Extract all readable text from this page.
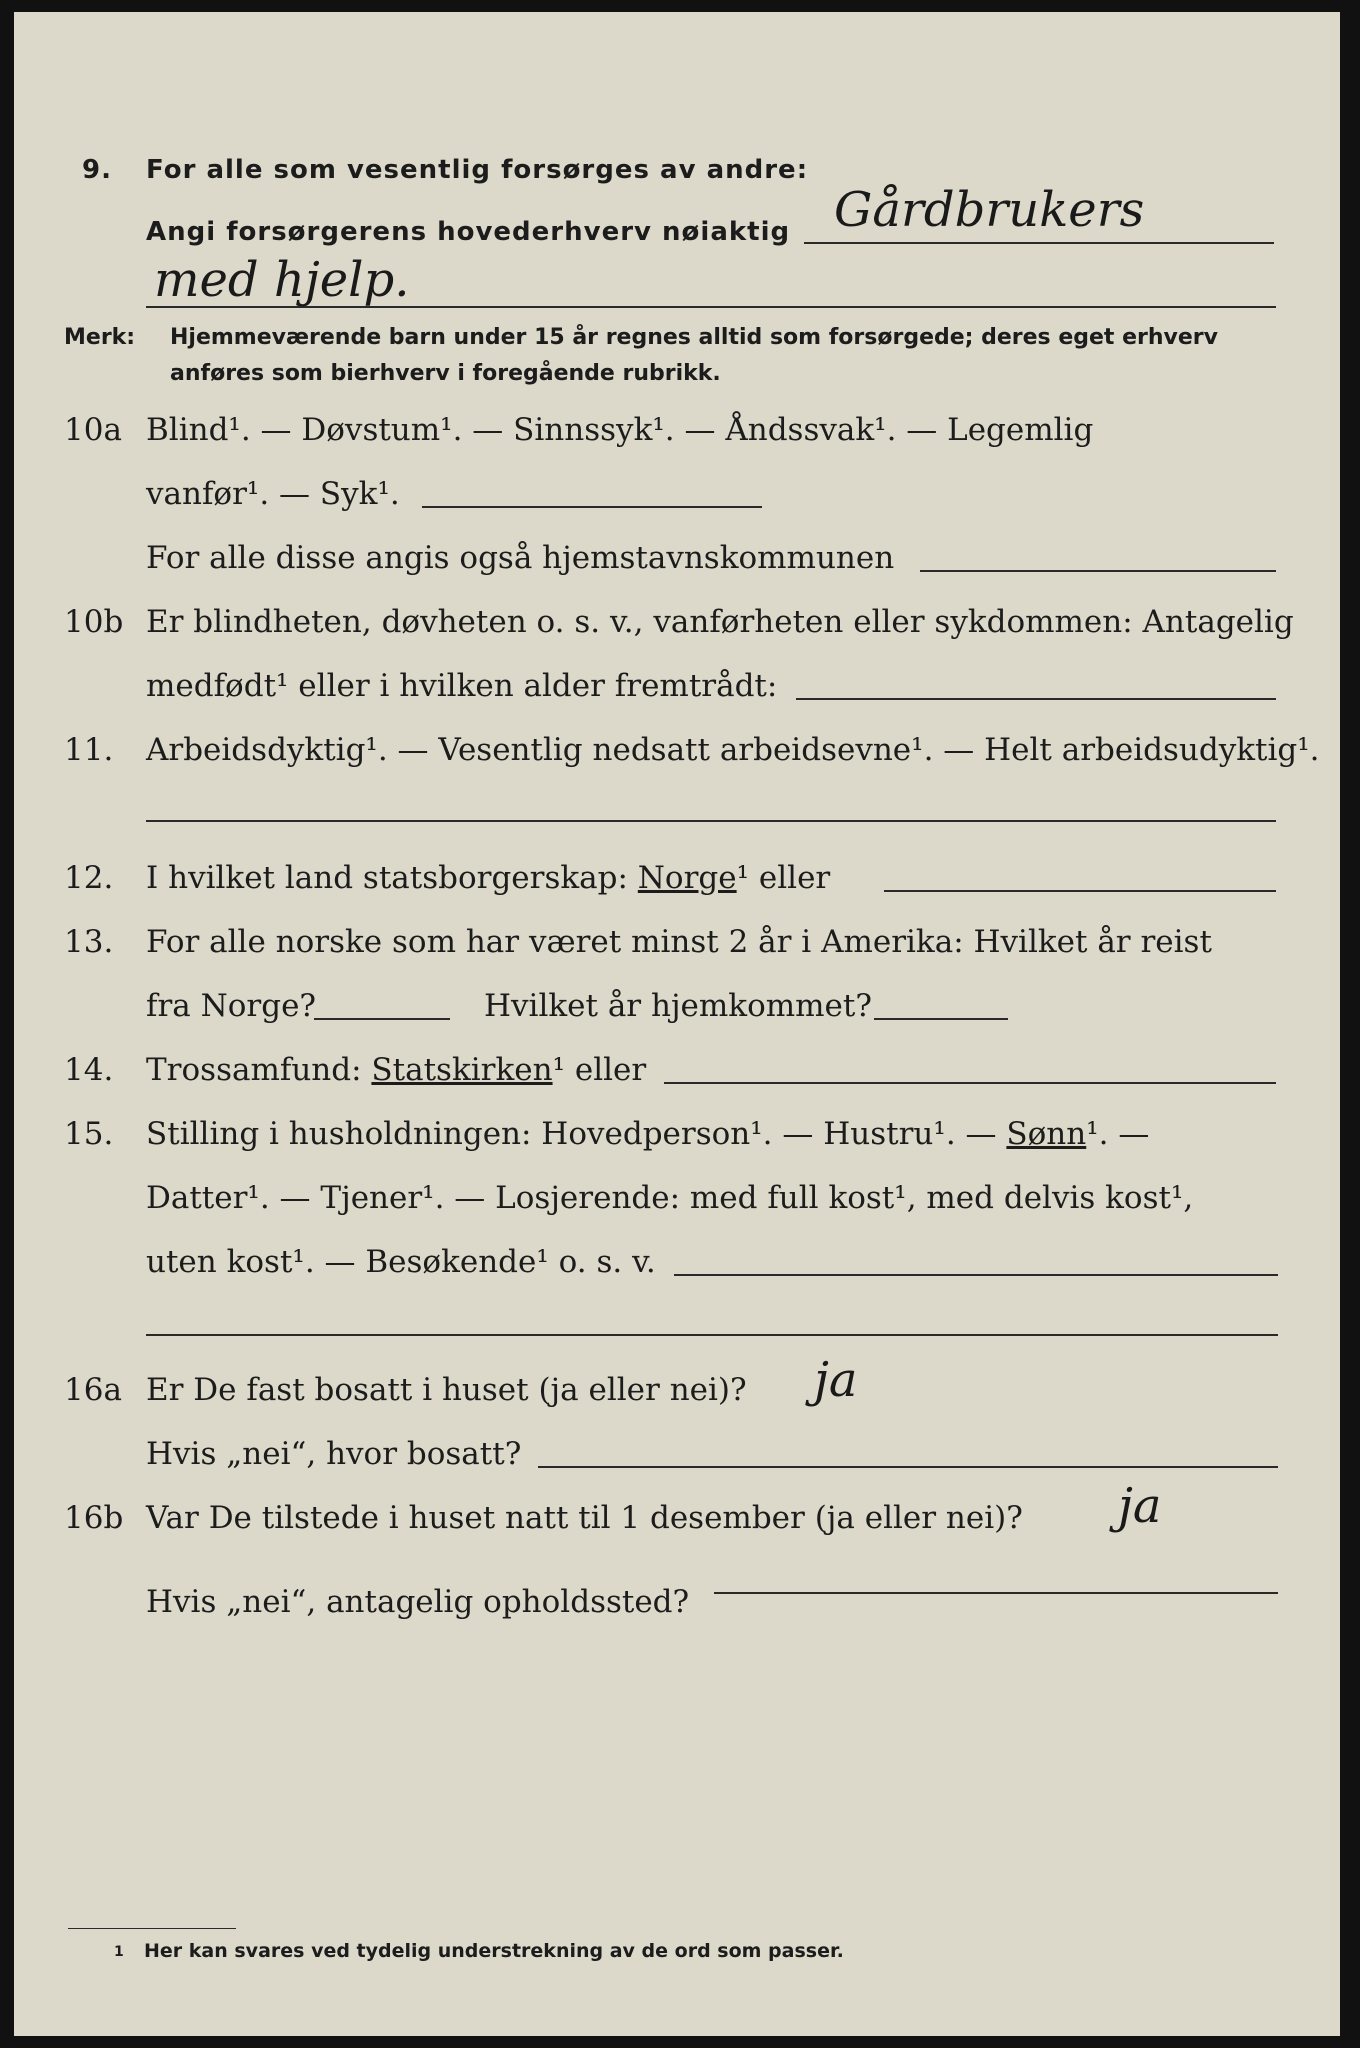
9. For alle som vesentlig forsørges av andre:
Angi forsørgerens hovederhverv nøiaktig Gårdbrukers
med hjelp.
Merk: Hjemmeværende barn under 15 år regnes alltid som forsørgede; deres eget erhverv
anføres som bierhverv i foregående rubrikk.
10a Blind¹. — Døvstum¹. — Sinnssyk¹. — Åndssvak¹. — Legemlig
vanfør¹. — Syk¹.
For alle disse angis også hjemstavnskommunen
10b Er blindheten, døvheten o. s. v., vanførheten eller sykdommen: Antagelig
medfødt¹ eller i hvilken alder fremtrådt:
11. Arbeidsdyktig¹. — Vesentlig nedsatt arbeidsevne¹. — Helt arbeidsudyktig¹.
12. I hvilket land statsborgerskap: Norge¹ eller
13. For alle norske som har været minst 2 år i Amerika: Hvilket år reist
fra Norge?	Hvilket år hjemkommet?
14. Trossamfund: Statskirken¹ eller
15. Stilling i husholdningen: Hovedperson¹. — Hustru¹. — Sønn¹. —
Datter¹. — Tjener¹. — Losjerende: med full kost¹, med delvis kost¹,
uten kost¹. — Besøkende¹ o. s. v.
16a Er De fast bosatt i huset (ja eller nei)? ja
Hvis „nei“, hvor bosatt?
16b Var De tilstede i huset natt til 1 desember (ja eller nei)? ja
Hvis „nei“, antagelig opholdssted?
1 Her kan svares ved tydelig understrekning av de ord som passer.
